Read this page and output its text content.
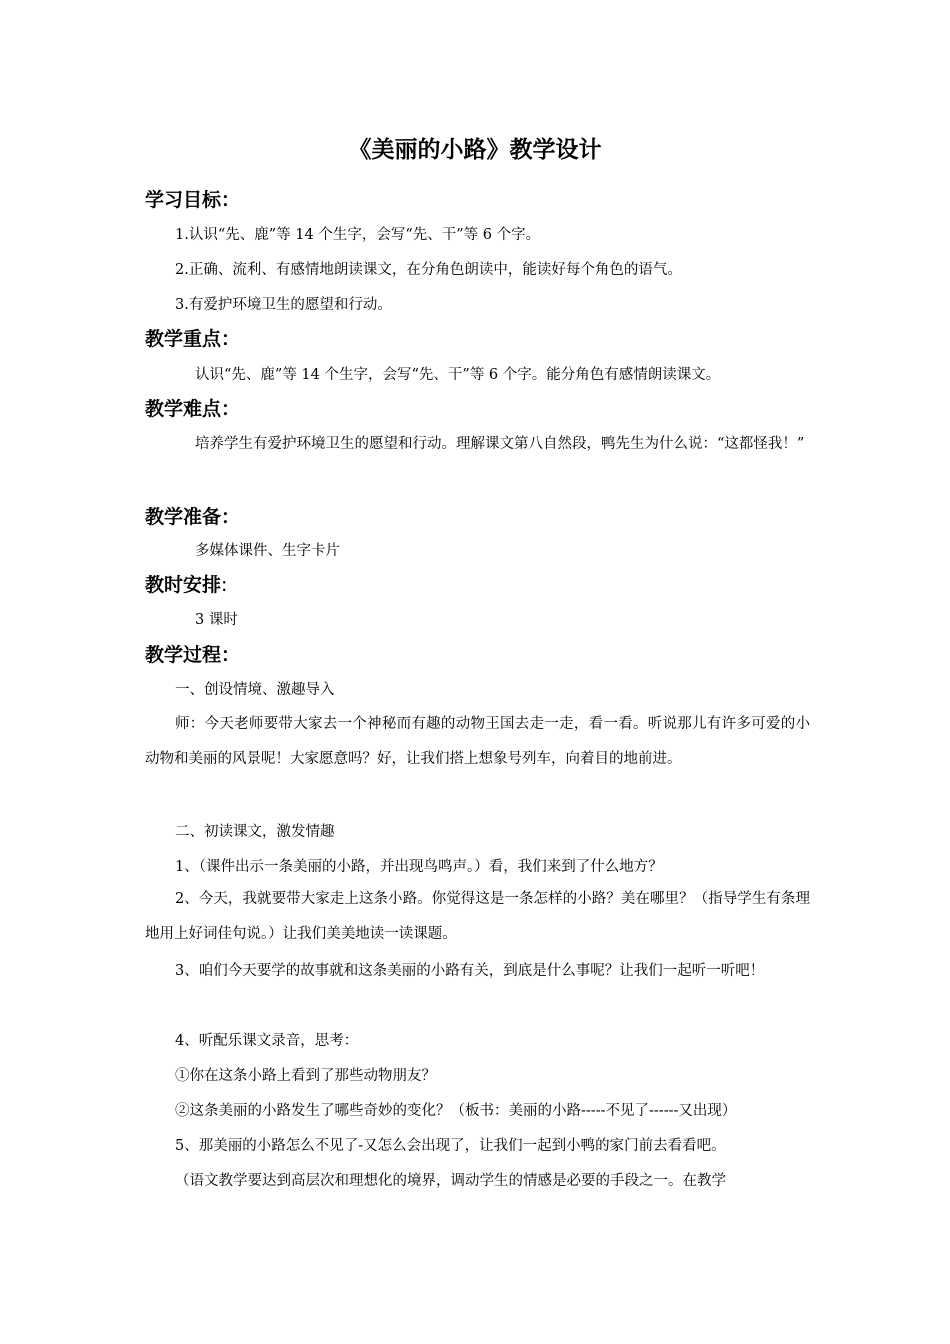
《美丽的小路》教学设计
学习目标：
1.认识“先、鹿”等 14 个生字，会写“先、干”等 6 个字。
2.正确、流利、有感情地朗读课文，在分角色朗读中，能读好每个角色的语气。
3.有爱护环境卫生的愿望和行动。
教学重点：
认识“先、鹿”等 14 个生字，会写“先、干”等 6 个字。能分角色有感情朗读课文。
教学难点：
培养学生有爱护环境卫生的愿望和行动。理解课文第八自然段，鸭先生为什么说：“这都怪我！”
教学准备：
多媒体课件、生字卡片
教时安排:
3 课时
教学过程：
一、创设情境、激趣导入
师：今天老师要带大家去一个神秘而有趣的动物王国去走一走，看一看。听说那儿有许多可爱的小动物和美丽的风景呢！大家愿意吗？好，让我们搭上想象号列车，向着目的地前进。
二、初读课文，激发情趣
1、（课件出示一条美丽的小路，并出现鸟鸣声。）看，我们来到了什么地方？
2、今天，我就要带大家走上这条小路。你觉得这是一条怎样的小路？美在哪里？（指导学生有条理地用上好词佳句说。）让我们美美地读一读课题。
3、咱们今天要学的故事就和这条美丽的小路有关，到底是什么事呢？让我们一起听一听吧！
4、听配乐课文录音，思考：
①你在这条小路上看到了那些动物朋友？
②这条美丽的小路发生了哪些奇妙的变化？（板书：美丽的小路-----不见了------又出现）
5、那美丽的小路怎么不见了-又怎么会出现了，让我们一起到小鸭的家门前去看看吧。
（语文教学要达到高层次和理想化的境界，调动学生的情感是必要的手段之一。在教学
